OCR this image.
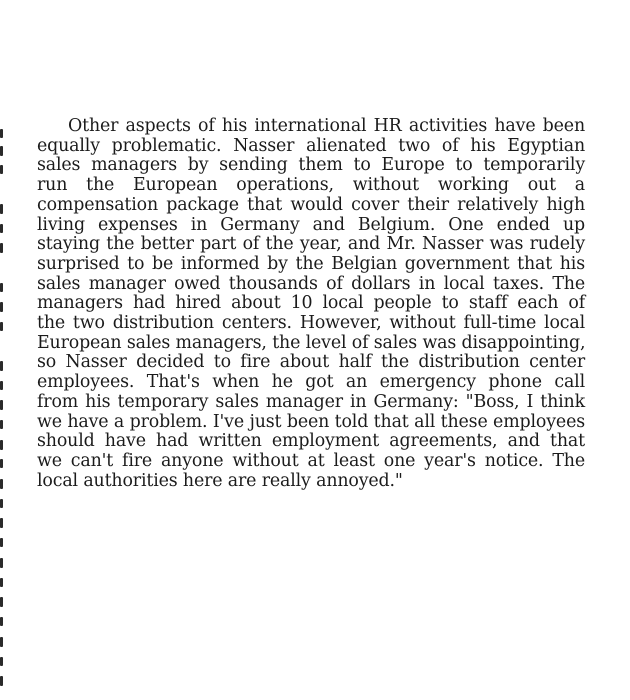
Other aspects of his international HR activities have been
equally problematic. Nasser alienated two of his Egyptian
sales managers by sending them to Europe to temporarily
run the European operations, without working out a
compensation package that would cover their relatively high
living expenses in Germany and Belgium. One ended up
staying the better part of the year, and Mr. Nasser was rudely
surprised to be informed by the Belgian government that his
sales manager owed thousands of dollars in local taxes. The
managers had hired about 10 local people to staff each of
the two distribution centers. However, without full-time local
European sales managers, the level of sales was disappointing,
so Nasser decided to fire about half the distribution center
employees. That's when he got an emergency phone call
from his temporary sales manager in Germany: "Boss, I think
we have a problem. I've just been told that all these employees
should have had written employment agreements, and that
we can't fire anyone without at least one year's notice. The
local authorities here are really annoyed."
